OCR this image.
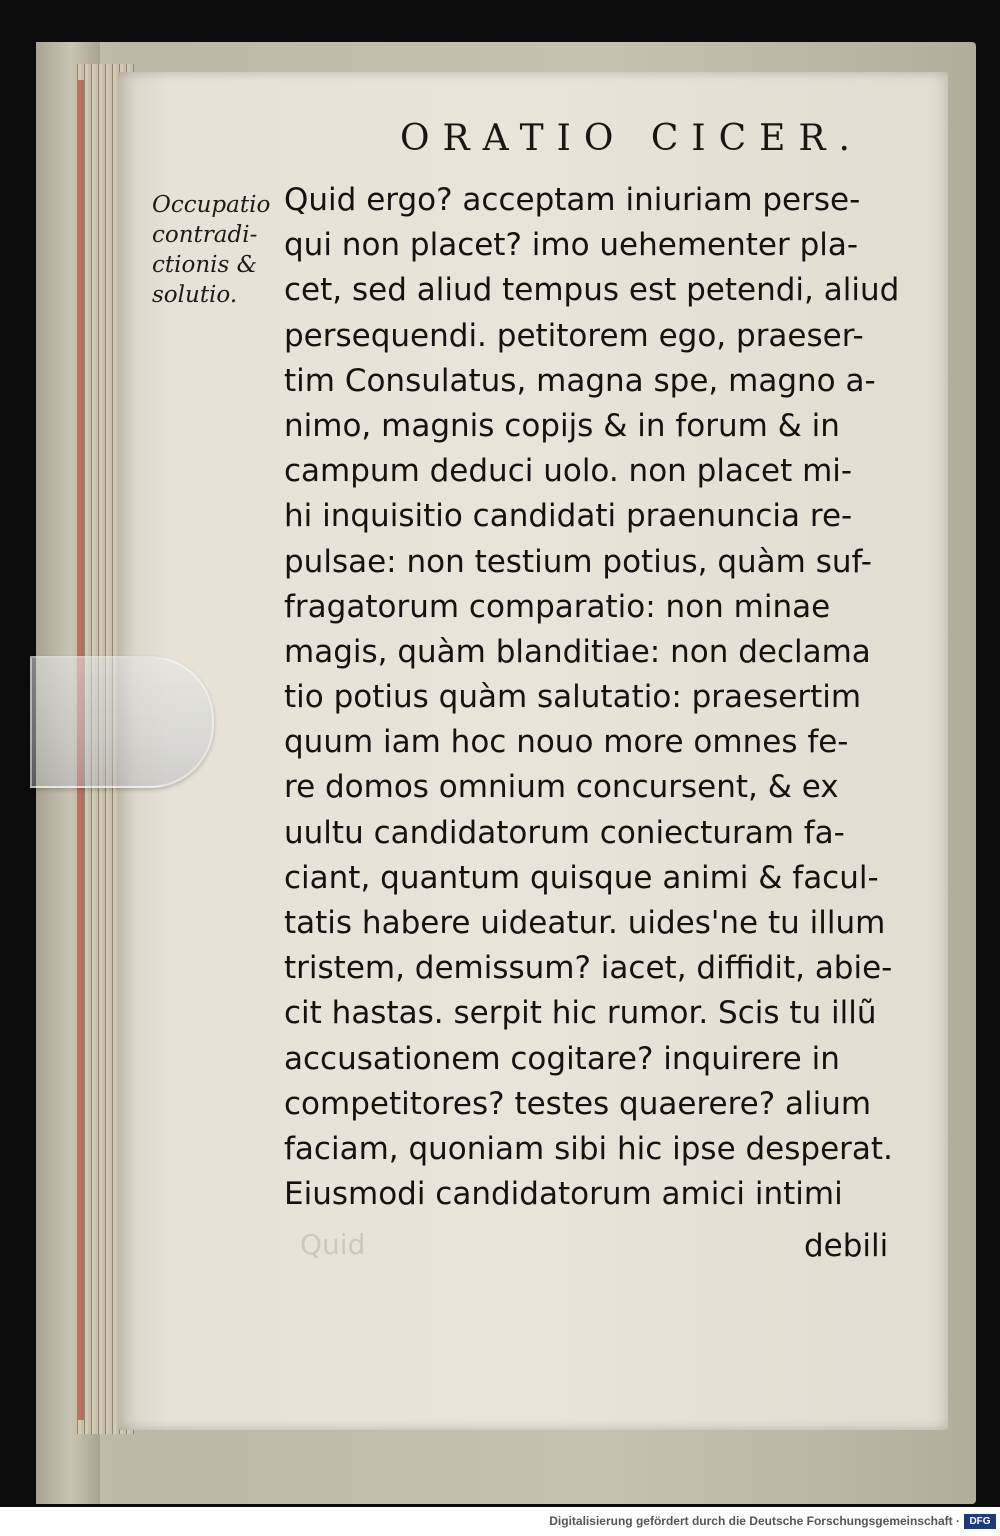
ORATIO CICER.
Occupatio
contradi-
ctionis &
solutio.
Quid ergo? acceptam iniuriam perse-
qui non placet? imo uehementer pla-
cet, sed aliud tempus est petendi, aliud
persequendi. petitorem ego, praeser-
tim Consulatus, magna spe, magno a-
nimo, magnis copijs & in forum & in
campum deduci uolo. non placet mi-
hi inquisitio candidati praenuncia re-
pulsae: non testium potius, quàm suf-
fragatorum comparatio: non minae
magis, quàm blanditiae: non declama
tio potius quàm salutatio: praesertim
quum iam hoc nouo more omnes fe-
re domos omnium concursent, & ex
uultu candidatorum coniecturam fa-
ciant, quantum quisque animi & facul-
tatis habere uideatur. uides'ne tu illum
tristem, demissum? iacet, diffidit, abie-
cit hastas. serpit hic rumor. Scis tu illũ
accusationem cogitare? inquirere in
competitores? testes quaerere? alium
faciam, quoniam sibi hic ipse desperat.
Eiusmodi candidatorum amici intimi
Quid	debili
Digitalisierung gefördert durch die Deutsche Forschungsgemeinschaft · DFG
